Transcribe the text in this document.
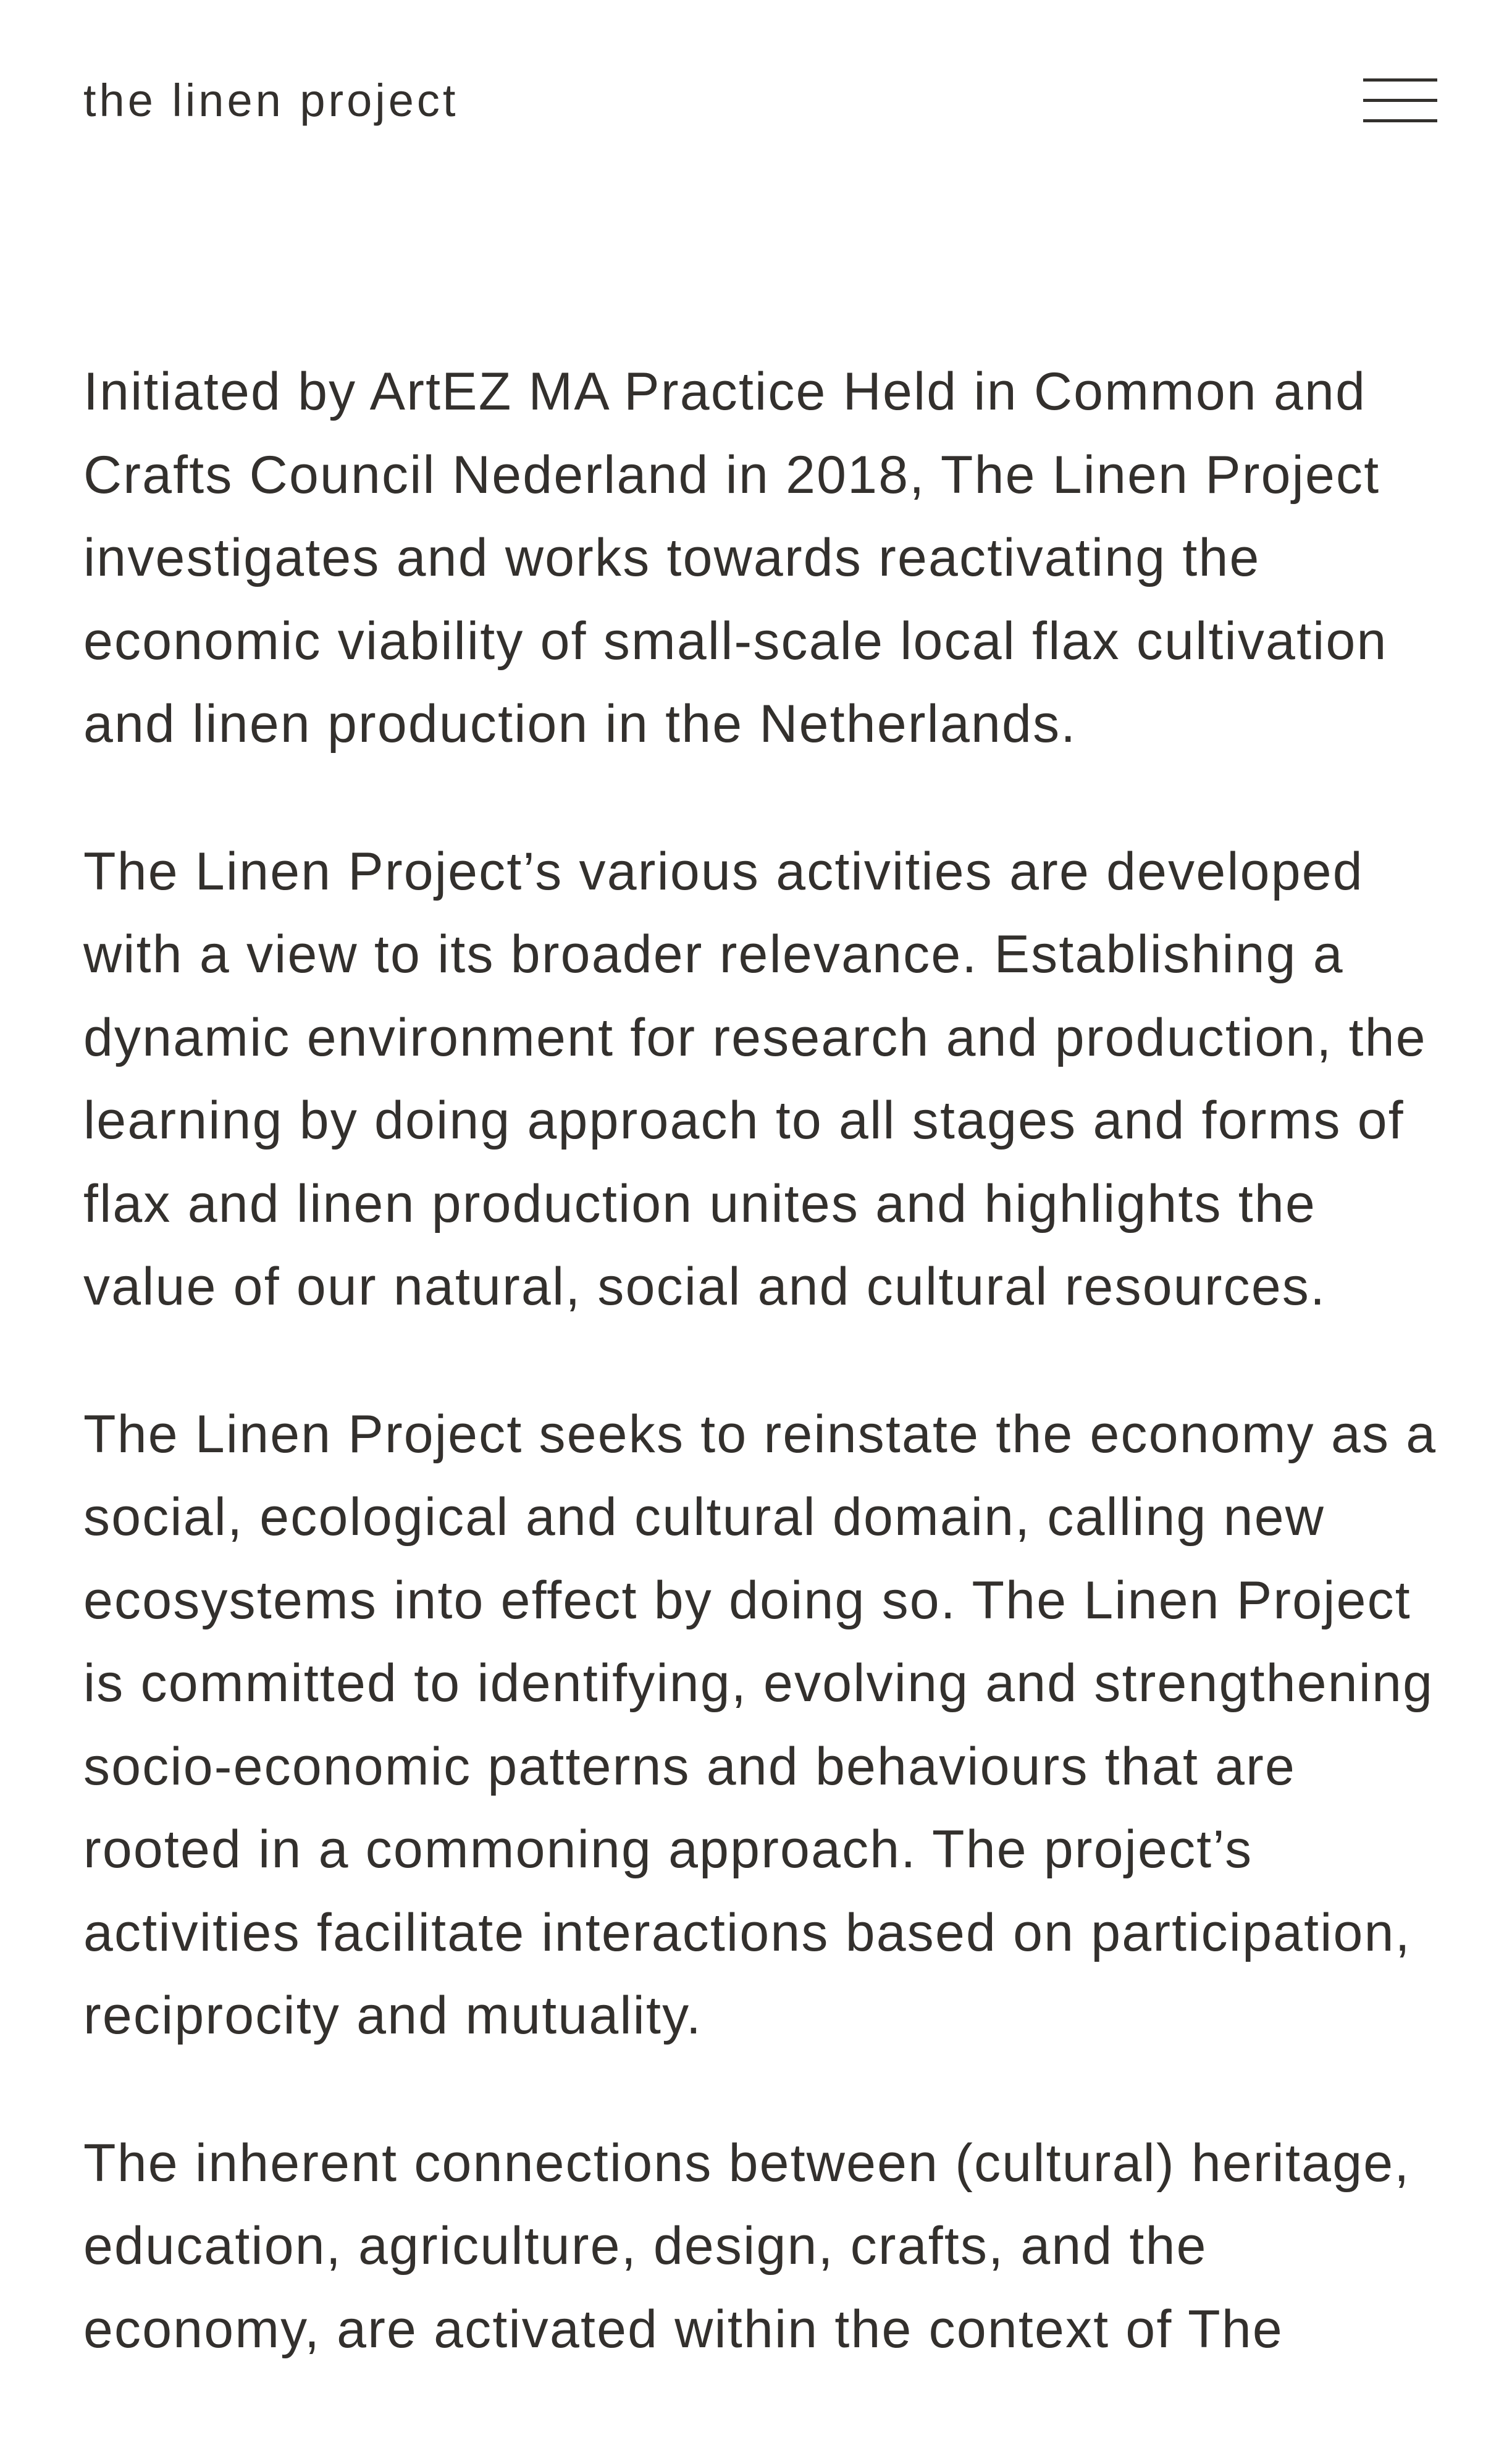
the linen project

Initiated by ArtEZ MA Practice Held in Common and Crafts Council Nederland in 2018, The Linen Project investigates and works towards reactivating the economic viability of small-scale local flax cultivation and linen production in the Netherlands.

The Linen Project’s various activities are developed with a view to its broader relevance. Establishing a dynamic environment for research and production, the learning by doing approach to all stages and forms of flax and linen production unites and highlights the value of our natural, social and cultural resources.

The Linen Project seeks to reinstate the economy as a social, ecological and cultural domain, calling new ecosystems into effect by doing so. The Linen Project is committed to identifying, evolving and strengthening socio-economic patterns and behaviours that are rooted in a commoning approach. The project’s activities facilitate interactions based on participation, reciprocity and mutuality.

The inherent connections between (cultural) heritage, education, agriculture, design, crafts, and the economy, are activated within the context of The
